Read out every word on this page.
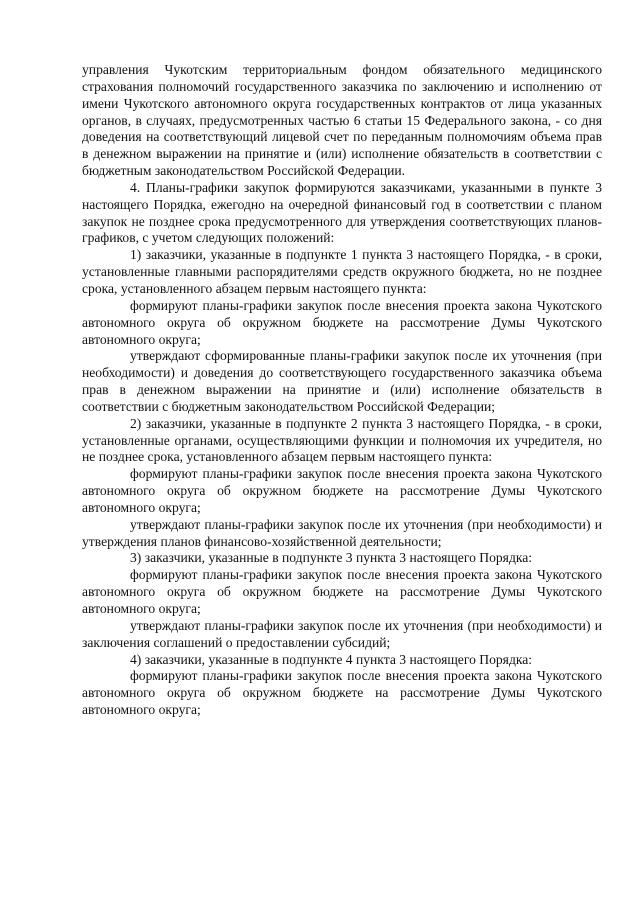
управления Чукотским территориальным фондом обязательного медицинского страхования полномочий государственного заказчика по заключению и исполнению от имени Чукотского автономного округа государственных контрактов от лица указанных органов, в случаях, предусмотренных частью 6 статьи 15 Федерального закона, - со дня доведения на соответствующий лицевой счет по переданным полномочиям объема прав в денежном выражении на принятие и (или) исполнение обязательств в соответствии с бюджетным законодательством Российской Федерации.

4. Планы-графики закупок формируются заказчиками, указанными в пункте 3 настоящего Порядка, ежегодно на очередной финансовый год в соответствии с планом закупок не позднее срока предусмотренного для утверждения соответствующих планов-графиков, с учетом следующих положений:

1) заказчики, указанные в подпункте 1 пункта 3 настоящего Порядка, - в сроки, установленные главными распорядителями средств окружного бюджета, но не позднее срока, установленного абзацем первым настоящего пункта:

формируют планы-графики закупок после внесения проекта закона Чукотского автономного округа об окружном бюджете на рассмотрение Думы Чукотского автономного округа;

утверждают сформированные планы-графики закупок после их уточнения (при необходимости) и доведения до соответствующего государственного заказчика объема прав в денежном выражении на принятие и (или) исполнение обязательств в соответствии с бюджетным законодательством Российской Федерации;

2) заказчики, указанные в подпункте 2 пункта 3 настоящего Порядка, - в сроки, установленные органами, осуществляющими функции и полномочия их учредителя, но не позднее срока, установленного абзацем первым настоящего пункта:

формируют планы-графики закупок после внесения проекта закона Чукотского автономного округа об окружном бюджете на рассмотрение Думы Чукотского автономного округа;

утверждают планы-графики закупок после их уточнения (при необходимости) и утверждения планов финансово-хозяйственной деятельности;

3) заказчики, указанные в подпункте 3 пункта 3 настоящего Порядка:

формируют планы-графики закупок после внесения проекта закона Чукотского автономного округа об окружном бюджете на рассмотрение Думы Чукотского автономного округа;

утверждают планы-графики закупок после их уточнения (при необходимости) и заключения соглашений о предоставлении субсидий;

4) заказчики, указанные в подпункте 4 пункта 3 настоящего Порядка:

формируют планы-графики закупок после внесения проекта закона Чукотского автономного округа об окружном бюджете на рассмотрение Думы Чукотского автономного округа;
